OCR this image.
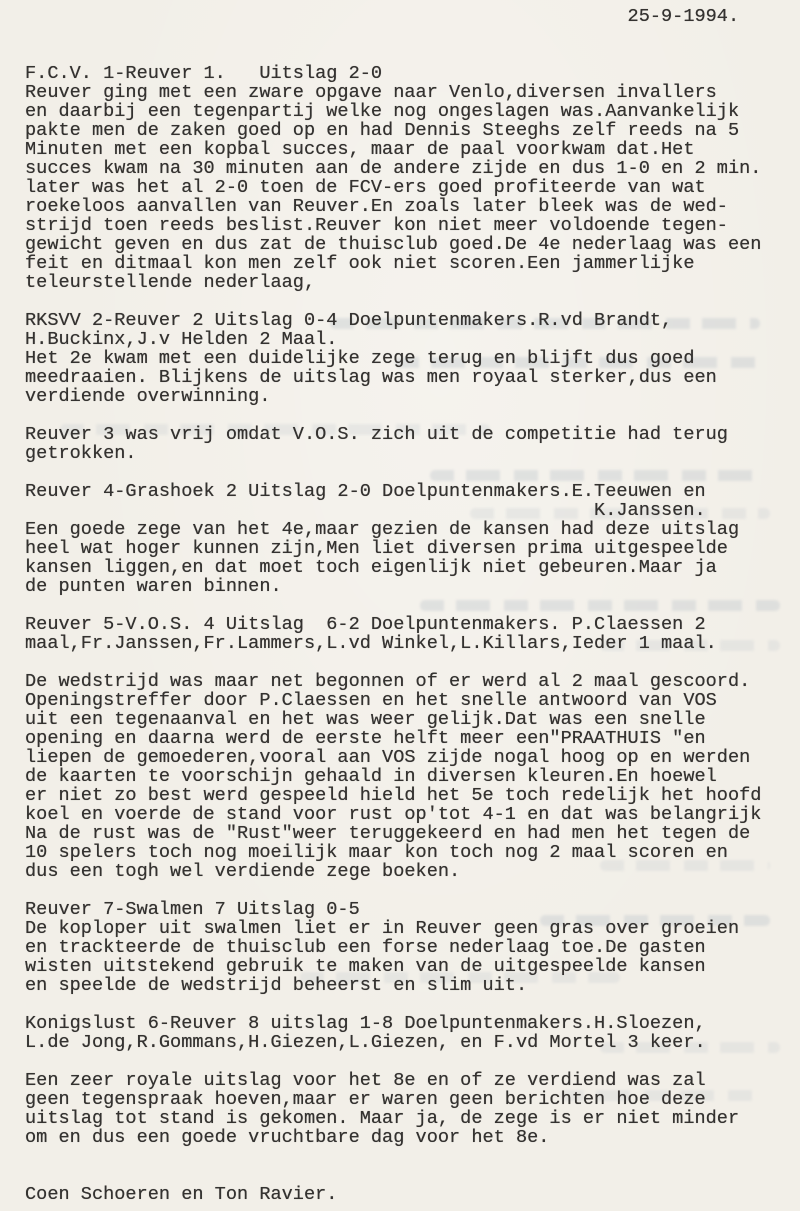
25-9-1994.
F.C.V. 1-Reuver 1.   Uitslag 2-0
Reuver ging met een zware opgave naar Venlo,diversen invallers
en daarbij een tegenpartij welke nog ongeslagen was.Aanvankelijk
pakte men de zaken goed op en had Dennis Steeghs zelf reeds na 5
Minuten met een kopbal succes, maar de paal voorkwam dat.Het
succes kwam na 30 minuten aan de andere zijde en dus 1-0 en 2 min.
later was het al 2-0 toen de FCV-ers goed profiteerde van wat
roekeloos aanvallen van Reuver.En zoals later bleek was de wed-
strijd toen reeds beslist.Reuver kon niet meer voldoende tegen-
gewicht geven en dus zat de thuisclub goed.De 4e nederlaag was een
feit en ditmaal kon men zelf ook niet scoren.Een jammerlijke
teleurstellende nederlaag,
RKSVV 2-Reuver 2 Uitslag 0-4 Doelpuntenmakers.R.vd Brandt,
H.Buckinx,J.v Helden 2 Maal.
Het 2e kwam met een duidelijke zege terug en blijft dus goed
meedraaien. Blijkens de uitslag was men royaal sterker,dus een
verdiende overwinning.
Reuver 3 was vrij omdat V.O.S. zich uit de competitie had terug
getrokken.
Reuver 4-Grashoek 2 Uitslag 2-0 Doelpuntenmakers.E.Teeuwen en
K.Janssen.
Een goede zege van het 4e,maar gezien de kansen had deze uitslag
heel wat hoger kunnen zijn,Men liet diversen prima uitgespeelde
kansen liggen,en dat moet toch eigenlijk niet gebeuren.Maar ja
de punten waren binnen.
Reuver 5-V.O.S. 4 Uitslag  6-2 Doelpuntenmakers. P.Claessen 2
maal,Fr.Janssen,Fr.Lammers,L.vd Winkel,L.Killars,Ieder 1 maal.
De wedstrijd was maar net begonnen of er werd al 2 maal gescoord.
Openingstreffer door P.Claessen en het snelle antwoord van VOS
uit een tegenaanval en het was weer gelijk.Dat was een snelle
opening en daarna werd de eerste helft meer een"PRAATHUIS "en
liepen de gemoederen,vooral aan VOS zijde nogal hoog op en werden
de kaarten te voorschijn gehaald in diversen kleuren.En hoewel
er niet zo best werd gespeeld hield het 5e toch redelijk het hoofd
koel en voerde de stand voor rust op'tot 4-1 en dat was belangrijk
Na de rust was de "Rust"weer teruggekeerd en had men het tegen de
10 spelers toch nog moeilijk maar kon toch nog 2 maal scoren en
dus een togh wel verdiende zege boeken.
Reuver 7-Swalmen 7 Uitslag 0-5
De koploper uit swalmen liet er in Reuver geen gras over groeien
en trackteerde de thuisclub een forse nederlaag toe.De gasten
wisten uitstekend gebruik te maken van de uitgespeelde kansen
en speelde de wedstrijd beheerst en slim uit.
Konigslust 6-Reuver 8 uitslag 1-8 Doelpuntenmakers.H.Sloezen,
L.de Jong,R.Gommans,H.Giezen,L.Giezen, en F.vd Mortel 3 keer.
Een zeer royale uitslag voor het 8e en of ze verdiend was zal
geen tegenspraak hoeven,maar er waren geen berichten hoe deze
uitslag tot stand is gekomen. Maar ja, de zege is er niet minder
om en dus een goede vruchtbare dag voor het 8e.
Coen Schoeren en Ton Ravier.
